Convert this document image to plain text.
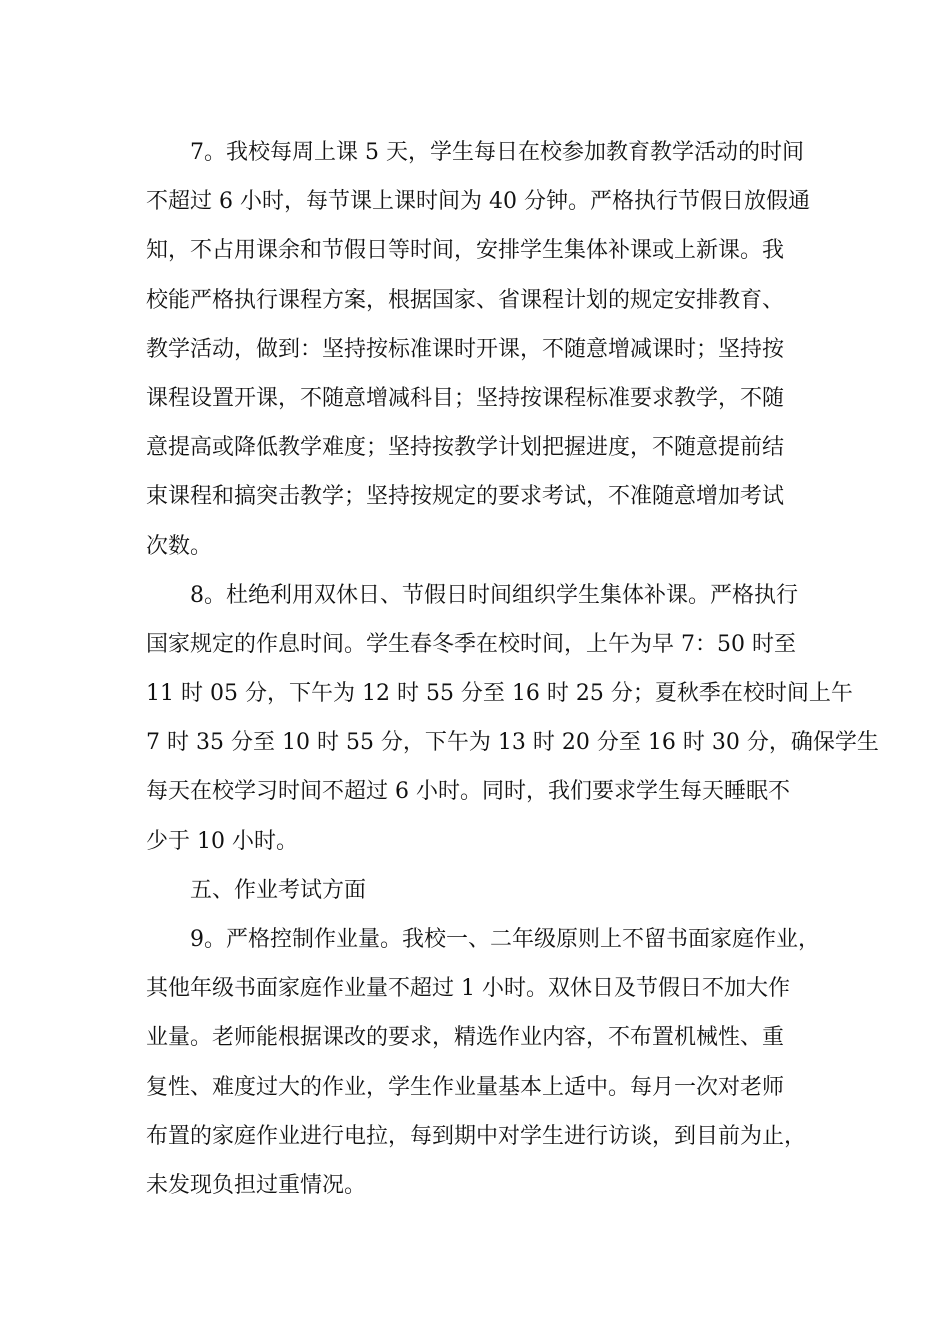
7。我校每周上课 5 天，学生每日在校参加教育教学活动的时间
不超过 6 小时，每节课上课时间为 40 分钟。严格执行节假日放假通
知，不占用课余和节假日等时间，安排学生集体补课或上新课。我
校能严格执行课程方案，根据国家、省课程计划的规定安排教育、
教学活动，做到：坚持按标准课时开课，不随意增减课时；坚持按
课程设置开课，不随意增减科目；坚持按课程标准要求教学，不随
意提高或降低教学难度；坚持按教学计划把握进度，不随意提前结
束课程和搞突击教学；坚持按规定的要求考试，不准随意增加考试
次数。
8。杜绝利用双休日、节假日时间组织学生集体补课。严格执行
国家规定的作息时间。学生春冬季在校时间，上午为早 7：50 时至
11 时 05 分，下午为 12 时 55 分至 16 时 25 分；夏秋季在校时间上午
7 时 35 分至 10 时 55 分，下午为 13 时 20 分至 16 时 30 分，确保学生
每天在校学习时间不超过 6 小时。同时，我们要求学生每天睡眠不
少于 10 小时。
五、作业考试方面
9。严格控制作业量。我校一、二年级原则上不留书面家庭作业，
其他年级书面家庭作业量不超过 1 小时。双休日及节假日不加大作
业量。老师能根据课改的要求，精选作业内容，不布置机械性、重
复性、难度过大的作业，学生作业量基本上适中。每月一次对老师
布置的家庭作业进行电拉，每到期中对学生进行访谈，到目前为止，
未发现负担过重情况。
